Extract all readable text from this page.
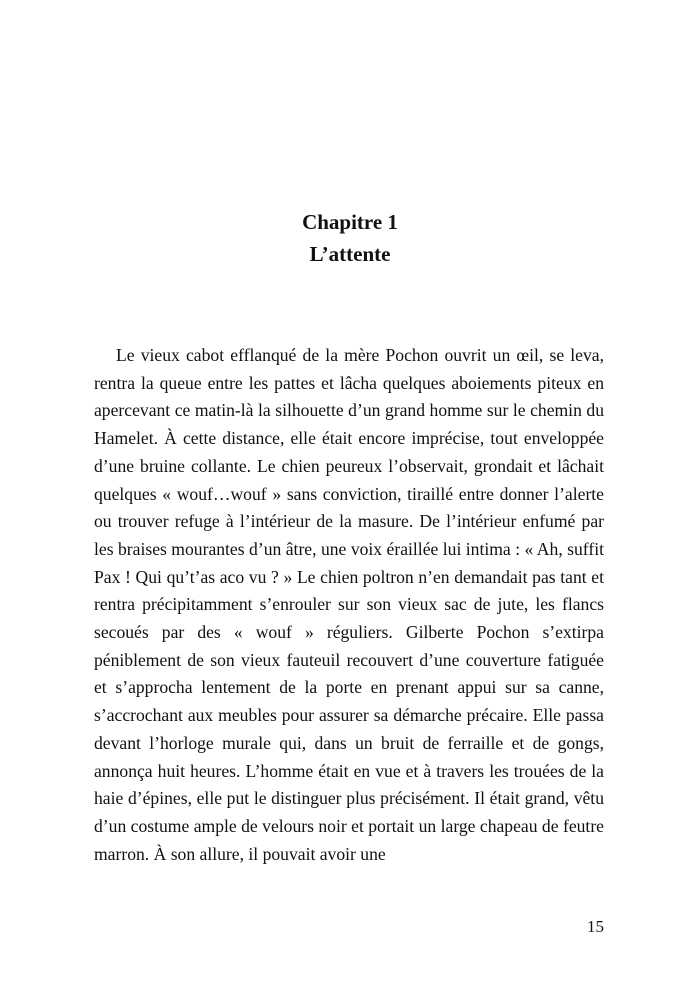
Chapitre 1
L’attente

Le vieux cabot efflanqué de la mère Pochon ouvrit un œil, se leva, rentra la queue entre les pattes et lâcha quelques aboiements piteux en apercevant ce matin-là la silhouette d’un grand homme sur le chemin du Hamelet. À cette distance, elle était encore imprécise, tout enveloppée d’une bruine collante. Le chien peureux l’observait, grondait et lâchait quelques « wouf…wouf » sans conviction, tiraillé entre donner l’alerte ou trouver refuge à l’intérieur de la masure. De l’intérieur enfumé par les braises mourantes d’un âtre, une voix éraillée lui intima : « Ah, suffit Pax ! Qui qu’t’as aco vu ? » Le chien poltron n’en demandait pas tant et rentra précipitamment s’enrouler sur son vieux sac de jute, les flancs secoués par des « wouf » réguliers. Gilberte Pochon s’extirpa péniblement de son vieux fauteuil recouvert d’une couverture fatiguée et s’approcha lentement de la porte en prenant appui sur sa canne, s’accrochant aux meubles pour assurer sa démarche précaire. Elle passa devant l’horloge murale qui, dans un bruit de ferraille et de gongs, annonça huit heures. L’homme était en vue et à travers les trouées de la haie d’épines, elle put le distinguer plus précisément. Il était grand, vêtu d’un costume ample de velours noir et portait un large chapeau de feutre marron. À son allure, il pouvait avoir une

15
